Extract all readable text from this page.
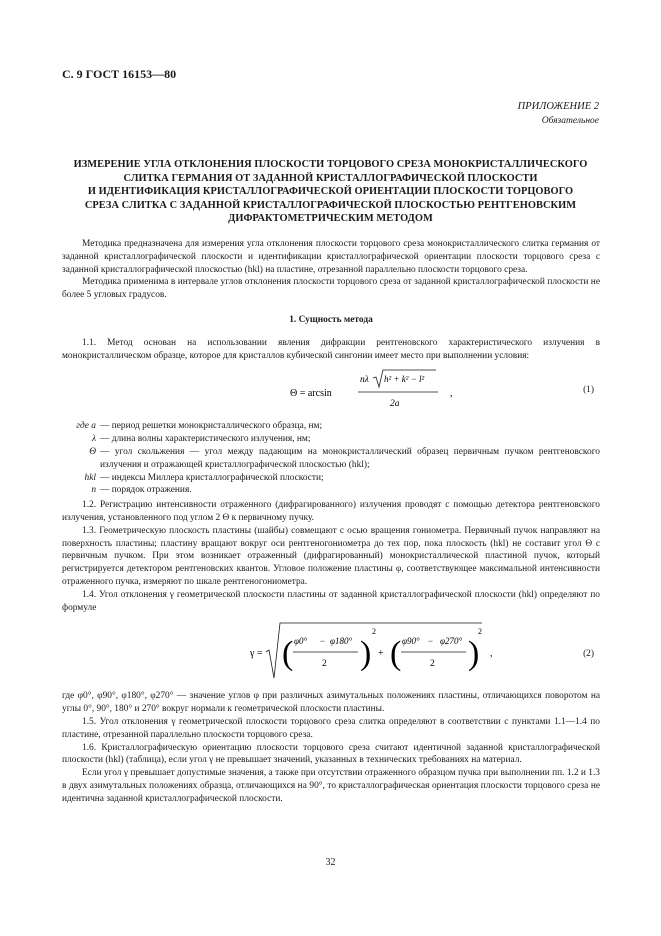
С. 9 ГОСТ 16153—80
ПРИЛОЖЕНИЕ 2
Обязательное
ИЗМЕРЕНИЕ УГЛА ОТКЛОНЕНИЯ ПЛОСКОСТИ ТОРЦОВОГО СРЕЗА МОНОКРИСТАЛЛИЧЕСКОГО
СЛИТКА ГЕРМАНИЯ ОТ ЗАДАННОЙ КРИСТАЛЛОГРАФИЧЕСКОЙ ПЛОСКОСТИ
И ИДЕНТИФИКАЦИЯ КРИСТАЛЛОГРАФИЧЕСКОЙ ОРИЕНТАЦИИ ПЛОСКОСТИ ТОРЦОВОГО
СРЕЗА СЛИТКА С ЗАДАННОЙ КРИСТАЛЛОГРАФИЧЕСКОЙ ПЛОСКОСТЬЮ РЕНТГЕНОВСКИМ
ДИФРАКТОМЕТРИЧЕСКИМ МЕТОДОМ

Методика предназначена для измерения угла отклонения плоскости торцового среза монокристаллического слитка германия от заданной кристаллографической плоскости и идентификации кристаллографической ориентации плоскости торцового среза с заданной кристаллографической плоскостью (hkl) на пластине, отрезанной параллельно плоскости торцового среза.

Методика применима в интервале углов отклонения плоскости торцового среза от заданной кристаллографической плоскости не более 5 угловых градусов.

1. Сущность метода

1.1. Метод основан на использовании явления дифракции рентгеновского характеристического излучения в монокристаллическом образце, которое для кристаллов кубической сингонии имеет место при выполнении условия:

Θ = arcsin
nλ h² + k² − l²
2a
,	(1)
где a — период решетки монокристаллического образца, нм;
λ — длина волны характеристического излучения, нм;
Θ — угол скольжения — угол между падающим на монокристаллический образец первичным пучком рентгеновского излучения и отражающей кристаллографической плоскостью (hkl);
hkl — индексы Миллера кристаллографической плоскости;
n — порядок отражения.

1.2. Регистрацию интенсивности отраженного (дифрагированного) излучения проводят с помощью детектора рентгеновского излучения, установленного под углом 2 Θ к первичному пучку.

1.3. Геометрическую плоскость пластины (шайбы) совмещают с осью вращения гониометра. Первичный пучок направляют на поверхность пластины; пластину вращают вокруг оси рентгеногониометра до тех пор, пока плоскость (hkl) не составит угол Θ с первичным пучком. При этом возникает отраженный (дифрагированный) монокристаллической пластиной пучок, который регистрируется детектором рентгеновских квантов. Угловое положение пластины φ, соответствующее максимальной интенсивности отраженного пучка, измеряют по шкале рентгеногониометра.

1.4. Угол отклонения γ геометрической плоскости пластины от заданной кристаллографической плоскости (hkl) определяют по формуле

γ = ( φ0° − φ180°
2 )
2
+ ( φ90° − φ270°
2 )
2
,	(2)

где φ0°, φ90°, φ180°, φ270° — значение углов φ при различных азимутальных положениях пластины, отличающихся поворотом на углы 0°, 90°, 180° и 270° вокруг нормали к геометрической плоскости пластины.

1.5. Угол отклонения γ геометрической плоскости торцового среза слитка определяют в соответствии с пунктами 1.1—1.4 по пластине, отрезанной параллельно плоскости торцового среза.

1.6. Кристаллографическую ориентацию плоскости торцового среза считают идентичной заданной кристаллографической плоскости (hkl) (таблица), если угол γ не превышает значений, указанных в технических требованиях на материал.

Если угол γ превышает допустимые значения, а также при отсутствии отраженного образцом пучка при выполнении пп. 1.2 и 1.3 в двух азимутальных положениях образца, отличающихся на 90°, то кристаллографическая ориентация плоскости торцового среза не идентична заданной кристаллографической плоскости.

32
